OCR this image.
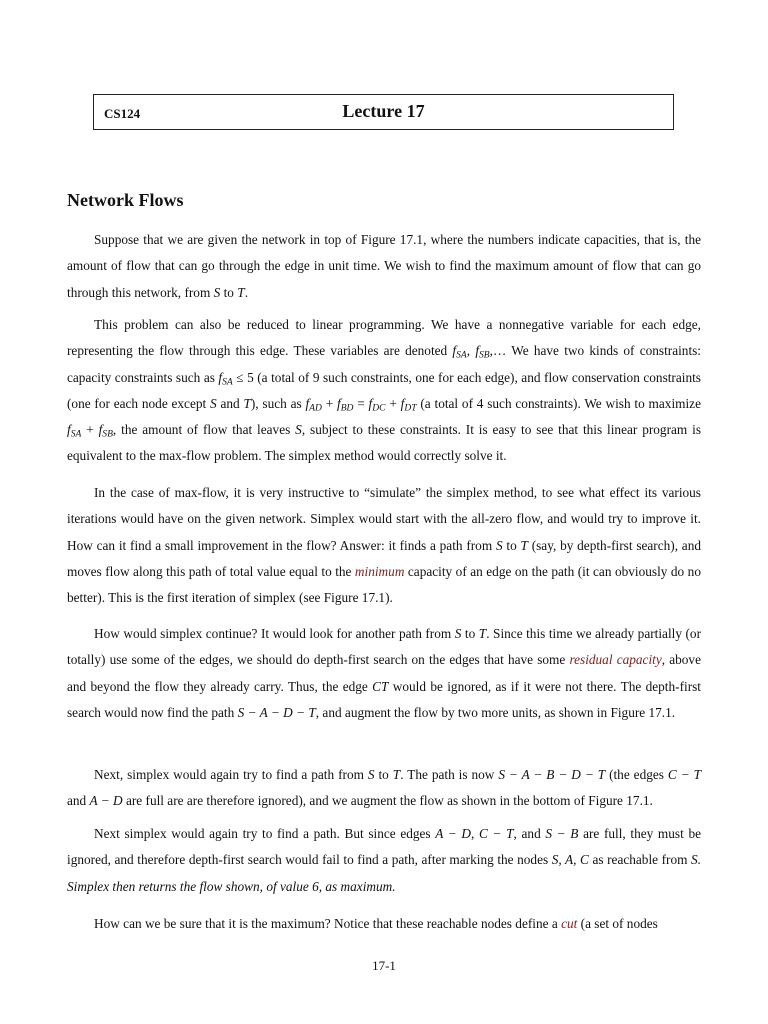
CS124	Lecture 17
Network Flows

Suppose that we are given the network in top of Figure 17.1, where the numbers indicate capacities, that is, the amount of flow that can go through the edge in unit time. We wish to find the maximum amount of flow that can go through this network, from S to T.

This problem can also be reduced to linear programming. We have a nonnegative variable for each edge, representing the flow through this edge. These variables are denoted $f_{SA}$, $f_{SB},\dots$ We have two kinds of constraints: capacity constraints such as $f_{SA} \le 5$ (a total of 9 such constraints, one for each edge), and flow conservation constraints (one for each node except S and T), such as $f_{AD} + f_{BD} = f_{DC} + f_{DT}$ (a total of 4 such constraints). We wish to maximize $f_{SA} + f_{SB}$, the amount of flow that leaves S, subject to these constraints. It is easy to see that this linear program is equivalent to the max-flow problem. The simplex method would correctly solve it.

In the case of max-flow, it is very instructive to “simulate” the simplex method, to see what effect its various iterations would have on the given network. Simplex would start with the all-zero flow, and would try to improve it. How can it find a small improvement in the flow? Answer: it finds a path from S to T (say, by depth-first search), and moves flow along this path of total value equal to the minimum capacity of an edge on the path (it can obviously do no better). This is the first iteration of simplex (see Figure 17.1).

How would simplex continue? It would look for another path from S to T. Since this time we already partially (or totally) use some of the edges, we should do depth-first search on the edges that have some residual capacity, above and beyond the flow they already carry. Thus, the edge CT would be ignored, as if it were not there. The depth-first search would now find the path S − A − D − T, and augment the flow by two more units, as shown in Figure 17.1.

Next, simplex would again try to find a path from S to T. The path is now S − A − B − D − T (the edges C − T and A − D are full are are therefore ignored), and we augment the flow as shown in the bottom of Figure 17.1.

Next simplex would again try to find a path. But since edges A − D, C − T, and S − B are full, they must be ignored, and therefore depth-first search would fail to find a path, after marking the nodes S, A, C as reachable from S. Simplex then returns the flow shown, of value 6, as maximum.

How can we be sure that it is the maximum? Notice that these reachable nodes define a cut (a set of nodes

17-1
